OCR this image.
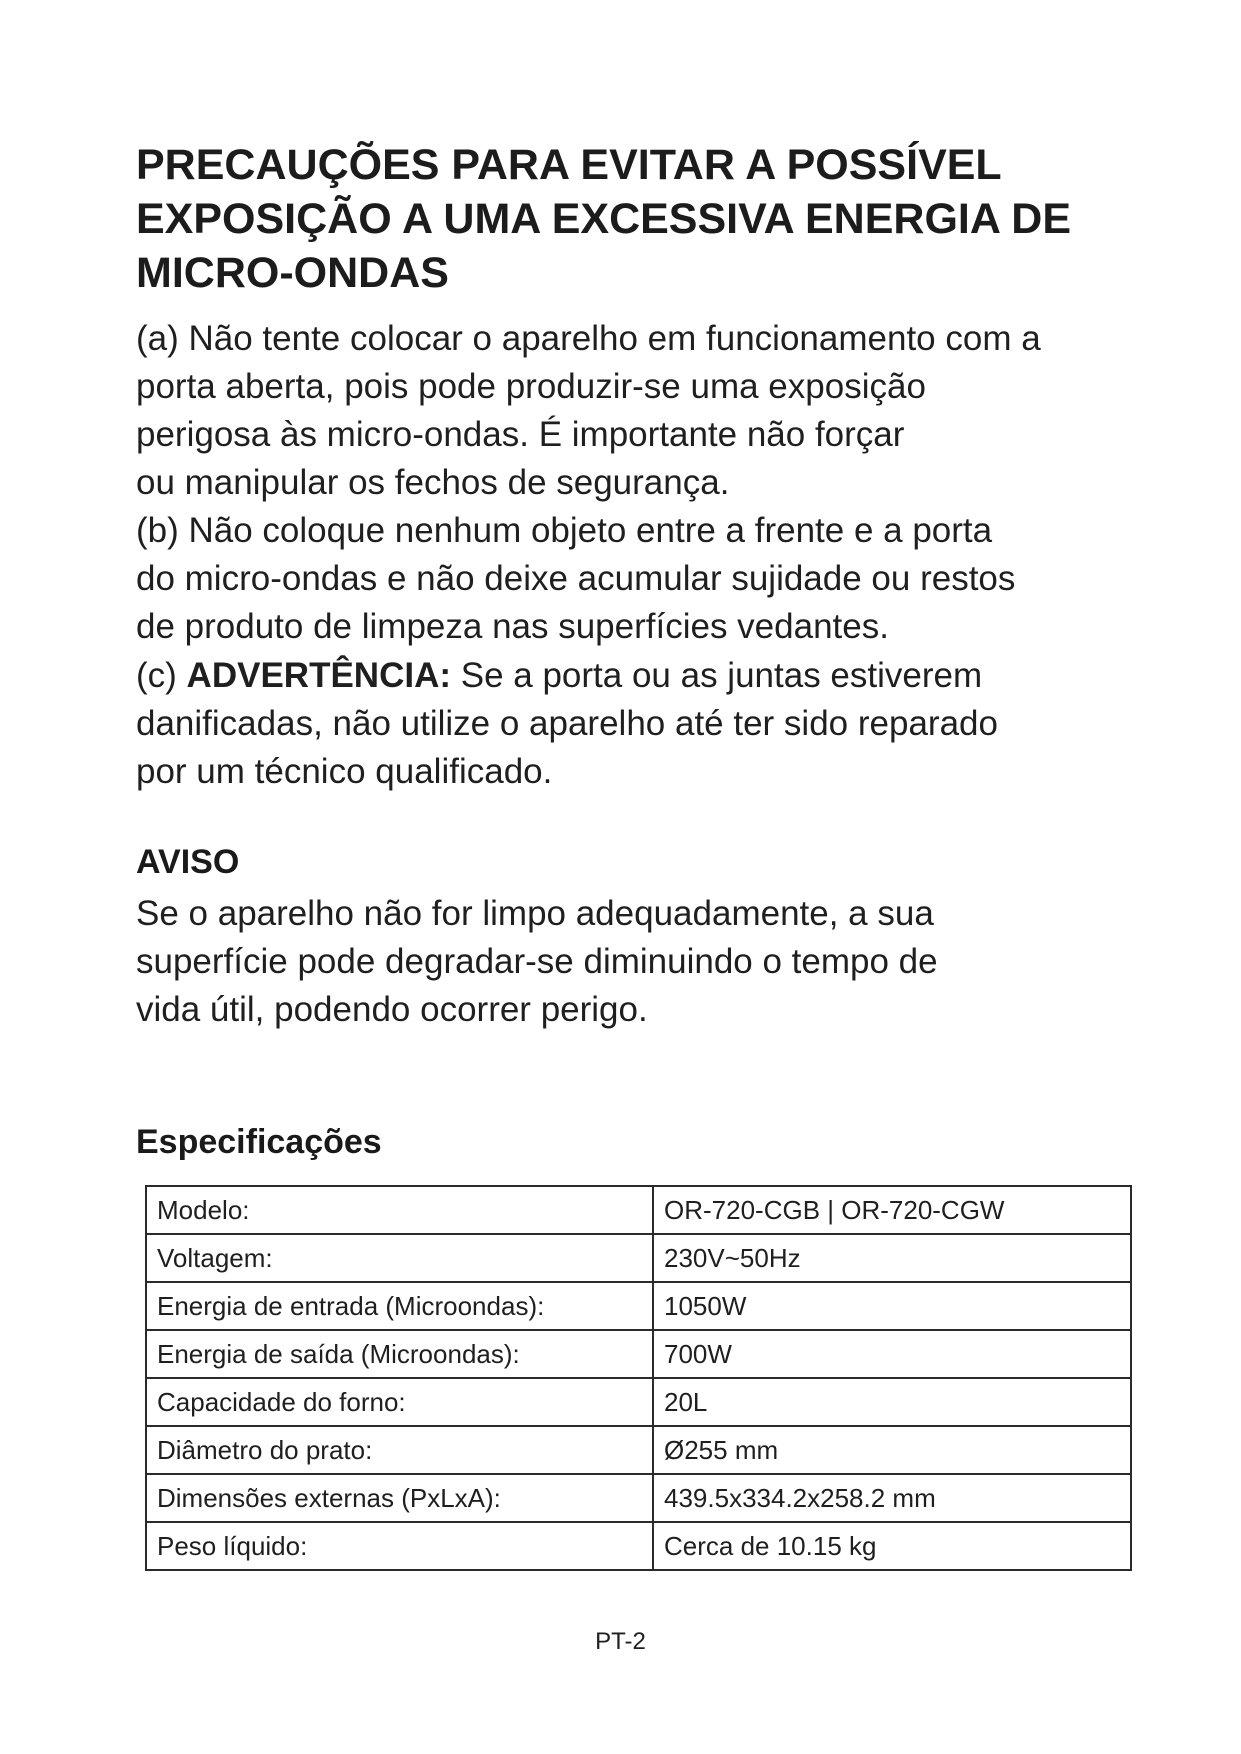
PRECAUÇÕES PARA EVITAR A POSSÍVEL
EXPOSIÇÃO A UMA EXCESSIVA ENERGIA DE
MICRO-ONDAS
(a) Não tente colocar o aparelho em funcionamento com a
porta aberta, pois pode produzir-se uma exposição
perigosa às micro-ondas. É importante não forçar
ou manipular os fechos de segurança.
(b) Não coloque nenhum objeto entre a frente e a porta
do micro-ondas e não deixe acumular sujidade ou restos
de produto de limpeza nas superfícies vedantes.
(c) ADVERTÊNCIA: Se a porta ou as juntas estiverem
danificadas, não utilize o aparelho até ter sido reparado
por um técnico qualificado.
AVISO
Se o aparelho não for limpo adequadamente, a sua
superfície pode degradar-se diminuindo o tempo de
vida útil, podendo ocorrer perigo.
Especificações
Modelo:	OR-720-CGB | OR-720-CGW
Voltagem:	230V~50Hz
Energia de entrada (Microondas):	1050W
Energia de saída (Microondas):	700W
Capacidade do forno:	20L
Diâmetro do prato:	Ø255 mm
Dimensões externas (PxLxA):	439.5x334.2x258.2 mm
Peso líquido:	Cerca de 10.15 kg
PT-2
